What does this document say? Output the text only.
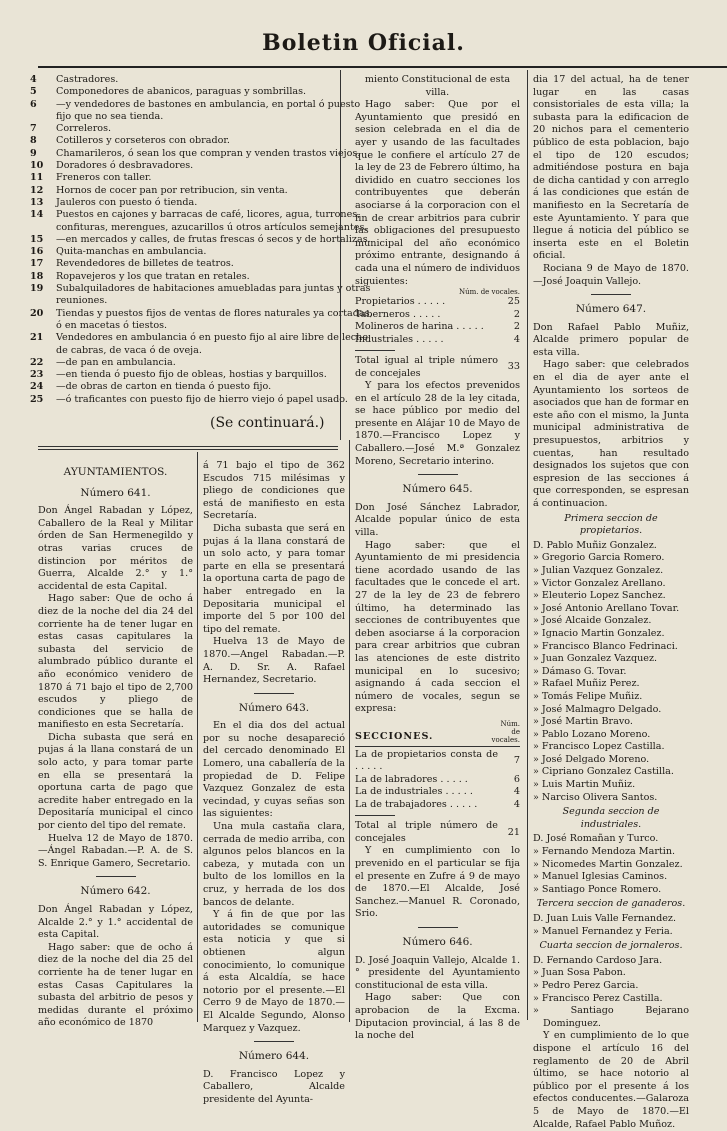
Boletin Oficial.
4	Castradores.
5	Componedores de abanicos, paraguas y sombrillas.
6	—y vendedores de bastones en ambulancia, en portal ó puesto fijo que no sea tienda.
7	Correleros.
8	Cotilleros y corseteros con obrador.
9	Chamarileros, ó sean los que compran y venden trastos viejos.
10	Doradores ó desbravadores.
11	Freneros con taller.
12	Hornos de cocer pan por retribucion, sin venta.
13	Jauleros con puesto ó tienda.
14	Puestos en cajones y barracas de café, licores, agua, turrones, confituras, merengues, azucarillos ú otros artículos semejantes.
15	—en mercados y calles, de frutas frescas ó secos y de hortalizas.
16	Quita-manchas en ambulancia.
17	Revendedores de billetes de teatros.
18	Ropavejeros y los que tratan en retales.
19	Subalquiladores de habitaciones amuebladas para juntas y otras reuniones.
20	Tiendas y puestos fijos de ventas de flores naturales ya cortadas, ó en macetas ó tiestos.
21	Vendedores en ambulancia ó en puesto fijo al aire libre de leche de cabras, de vaca ó de oveja.
22	—de pan en ambulancia.
23	—en tienda ó puesto fijo de obleas, hostias y barquillos.
24	—de obras de carton en tienda ó puesto fijo.
25	—ó traficantes con puesto fijo de hierro viejo ó papel usado.
(Se continuará.)
AYUNTAMIENTOS.
Número 641.

Don Ángel Rabadan y López, Caballero de la Real y Militar órden de San Hermenegildo y otras varias cruces de distincion por méritos de Guerra, Alcalde 2.° y 1.° accidental de esta Capital.

Hago saber: Que de ocho á diez de la noche del dia 24 del corriente ha de tener lugar en estas casas capitulares la subasta del servicio de alumbrado público durante el año económico venidero de 1870 á 71 bajo el tipo de 2,700 escudos y pliego de condiciones que se halla de manifiesto en esta Secretaría.

Dicha subasta que será en pujas á la llana constará de un solo acto, y para tomar parte en ella se presentará la oportuna carta de pago que acredite haber entregado en la Depositaría municipal el cinco por ciento del tipo del remate.

Huelva 12 de Mayo de 1870.—Ángel Rabadan.—P. A. de S. S. Enrique Gamero, Secretario.

Número 642.

Don Ángel Rabadan y López, Alcalde 2.° y 1.° accidental de esta Capital.

Hago saber: que de ocho á diez de la noche del dia 25 del corriente ha de tener lugar en estas Casas Capitulares la subasta del arbitrio de pesos y medidas durante el próximo año económico de 1870

á 71 bajo el tipo de 362 Escudos 715 milésimas y pliego de condiciones que está de manifiesto en esta Secretaría.

Dicha subasta que será en pujas á la llana constará de un solo acto, y para tomar parte en ella se presentará la oportuna carta de pago de haber entregado en la Depositaria municipal el importe del 5 por 100 del tipo del remate.

Huelva 13 de Mayo de 1870.—Angel Rabadan.—P. A. D. Sr. A. Rafael Hernandez, Secretario.

Número 643.

En el dia dos del actual por su noche desapareció del cercado denominado El Lomero, una caballería de la propiedad de D. Felipe Vazquez Gonzalez de esta vecindad, y cuyas señas son las siguientes:

Una mula castaña clara, cerrada de medio arriba, con algunos pelos blancos en la cabeza, y mutada con un bulto de los lomillos en la cruz, y herrada de los dos bancos de delante.

Y á fin de que por las autoridades se comunique esta noticia y que si obtienen algun conocimiento, lo comunique á esta Alcaldía, se hace notorio por el presente.—El Cerro 9 de Mayo de 1870.—El Alcalde Segundo, Alonso Marquez y Vazquez.

Número 644.

D. Francisco Lopez y Caballero, Alcalde presidente del Ayunta-

miento Constitucional de esta villa.

Hago saber: Que por el Ayuntamiento que presidó en sesion celebrada en el dia de ayer y usando de las facultades que le confiere el artículo 27 de la ley de 23 de Febrero último, ha dividido en cuatro secciones los contribuyentes que deberán asociarse á la corporacion con el fin de crear arbitrios para cubrir las obligaciones del presupuesto municipal del año económico próximo entrante, designando á cada una el número de individuos siguientes:

Núm. de vocales.
Propietarios . . . . .	25
Taberneros . . . . .	2
Molineros de harina . . . . .	2
Industriales . . . . .	4
Total igual al triple número de concejales	33

Y para los efectos prevenidos en el artículo 28 de la ley citada, se hace público por medio del presente en Alájar 10 de Mayo de 1870.—Francisco Lopez y Caballero.—José M.ª Gonzalez Moreno, Secretario interino.

Número 645.

Don José Sánchez Labrador, Alcalde popular único de esta villa.

Hago saber: que el Ayuntamiento de mi presidencia tiene acordado usando de las facultades que le concede el art. 27 de la ley de 23 de febrero último, ha determinado las secciones de contribuyentes que deben asociarse á la corporacion para crear arbitrios que cubran las atenciones de este distrito municipal en lo sucesivo; asignando á cada seccion el número de vocales, segun se expresa:

SECCIONES.
Núm. de vocales.
La de propietarios consta de . . . . .	7
La de labradores . . . . .	6
La de industriales . . . . .	4
La de trabajadores . . . . .	4
Total al triple número de concejales	21

Y en cumplimiento con lo prevenido en el particular se fija el presente en Zufre á 9 de mayo de 1870.—El Alcalde, José Sanchez.—Manuel R. Coronado, Srio.

Número 646.

D. José Joaquin Vallejo, Alcalde 1.° presidente del Ayuntamiento constitucional de esta villa.

Hago saber: Que con aprobacion de la Excma. Diputacion provincial, á las 8 de la noche del

dia 17 del actual, ha de tener lugar en las casas consistoriales de esta villa; la subasta para la edificacion de 20 nichos para el cementerio público de esta poblacion, bajo el tipo de 120 escudos; admitiéndose postura en baja de dicha cantidad y con arreglo á las condiciones que están de manifiesto en la Secretaría de este Ayuntamiento. Y para que llegue á noticia del público se inserta este en el Boletin oficial.

Rociana 9 de Mayo de 1870.—José Joaquin Vallejo.

Número 647.

Don Rafael Pablo Muñiz, Alcalde primero popular de esta villa.

Hago saber: que celebrados en el dia de ayer ante el Ayuntamiento los sorteos de asociados que han de formar en este año con el mismo, la Junta municipal administrativa de presupuestos, arbitrios y cuentas, han resultado designados los sujetos que con espresion de las secciones á que corresponden, se espresan á continuacion.

Primera seccion de propietarios.
D. Pablo Muñiz Gonzalez.
» Gregorio Garcia Romero.
» Julian Vazquez Gonzalez.
» Victor Gonzalez Arellano.
» Eleuterio Lopez Sanchez.
» José Antonio Arellano Tovar.
» José Alcaide Gonzalez.
» Ignacio Martin Gonzalez.
» Francisco Blanco Fedrinaci.
» Juan Gonzalez Vazquez.
» Dámaso G. Tovar.
» Rafael Muñiz Perez.
» Tomás Felipe Muñiz.
» José Malmagro Delgado.
» José Martin Bravo.
» Pablo Lozano Moreno.
» Francisco Lopez Castilla.
» José Delgado Moreno.
» Cipriano Gonzalez Castilla.
» Luis Martin Muñiz.
» Narciso Olivera Santos.
Segunda seccion de industriales.
D. José Romañan y Turco.
» Fernando Mendoza Martin.
» Nicomedes Martin Gonzalez.
» Manuel Iglesias Caminos.
» Santiago Ponce Romero.
Tercera seccion de ganaderos.
D. Juan Luis Valle Fernandez.
» Manuel Fernandez y Feria.
Cuarta seccion de jornaleros.
D. Fernando Cardoso Jara.
» Juan Sosa Pabon.
» Pedro Perez Garcia.
» Francisco Perez Castilla.
» Santiago Bejarano Dominguez.

Y en cumplimiento de lo que dispone el artículo 16 del reglamento de 20 de Abril último, se hace notorio al público por el presente á los efectos conducentes.—Galaroza 5 de Mayo de 1870.—El Alcalde, Rafael Pablo Muñoz.
